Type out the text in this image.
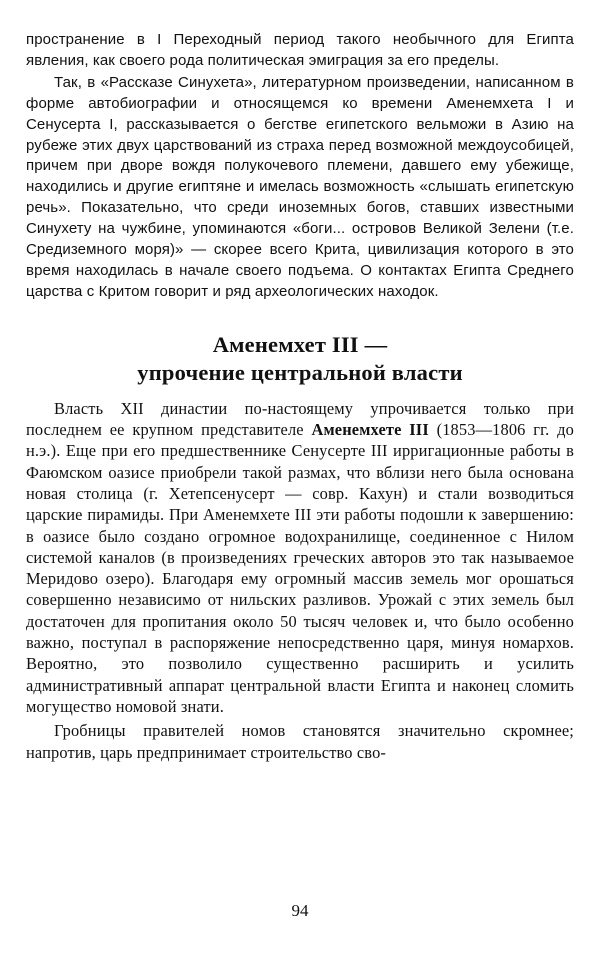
пространение в I Переходный период такого необычного для Египта явления, как своего рода политическая эмиграция за его пределы.

Так, в «Рассказе Синухета», литературном произведении, написанном в форме автобиографии и относящемся ко времени Аменемхета I и Сенусерта I, рассказывается о бегстве египетского вельможи в Азию на рубеже этих двух царствований из страха перед возможной междоусобицей, причем при дворе вождя полукочевого племени, давшего ему убежище, находились и другие египтяне и имелась возможность «слышать египетскую речь». Показательно, что среди иноземных богов, ставших известными Синухету на чужбине, упоминаются «боги... островов Великой Зелени (т.е. Средиземного моря)» — скорее всего Крита, цивилизация которого в это время находилась в начале своего подъема. О контактах Египта Среднего царства с Критом говорит и ряд археологических находок.

Аменемхет III —
упрочение центральной власти

Власть XII династии по-настоящему упрочивается только при последнем ее крупном представителе Аменемхете III (1853—1806 гг. до н.э.). Еще при его предшественнике Сенусерте III ирригационные работы в Фаюмском оазисе приобрели такой размах, что вблизи него была основана новая столица (г. Хетепсенусерт — совр. Кахун) и стали возводиться царские пирамиды. При Аменемхете III эти работы подошли к завершению: в оазисе было создано огромное водохранилище, соединенное с Нилом системой каналов (в произведениях греческих авторов это так называемое Меридово озеро). Благодаря ему огромный массив земель мог орошаться совершенно независимо от нильских разливов. Урожай с этих земель был достаточен для пропитания около 50 тысяч человек и, что было особенно важно, поступал в распоряжение непосредственно царя, минуя номархов. Вероятно, это позволило существенно расширить и усилить административный аппарат центральной власти Египта и наконец сломить могущество номовой знати.

Гробницы правителей номов становятся значительно скромнее; напротив, царь предпринимает строительство сво-

94
